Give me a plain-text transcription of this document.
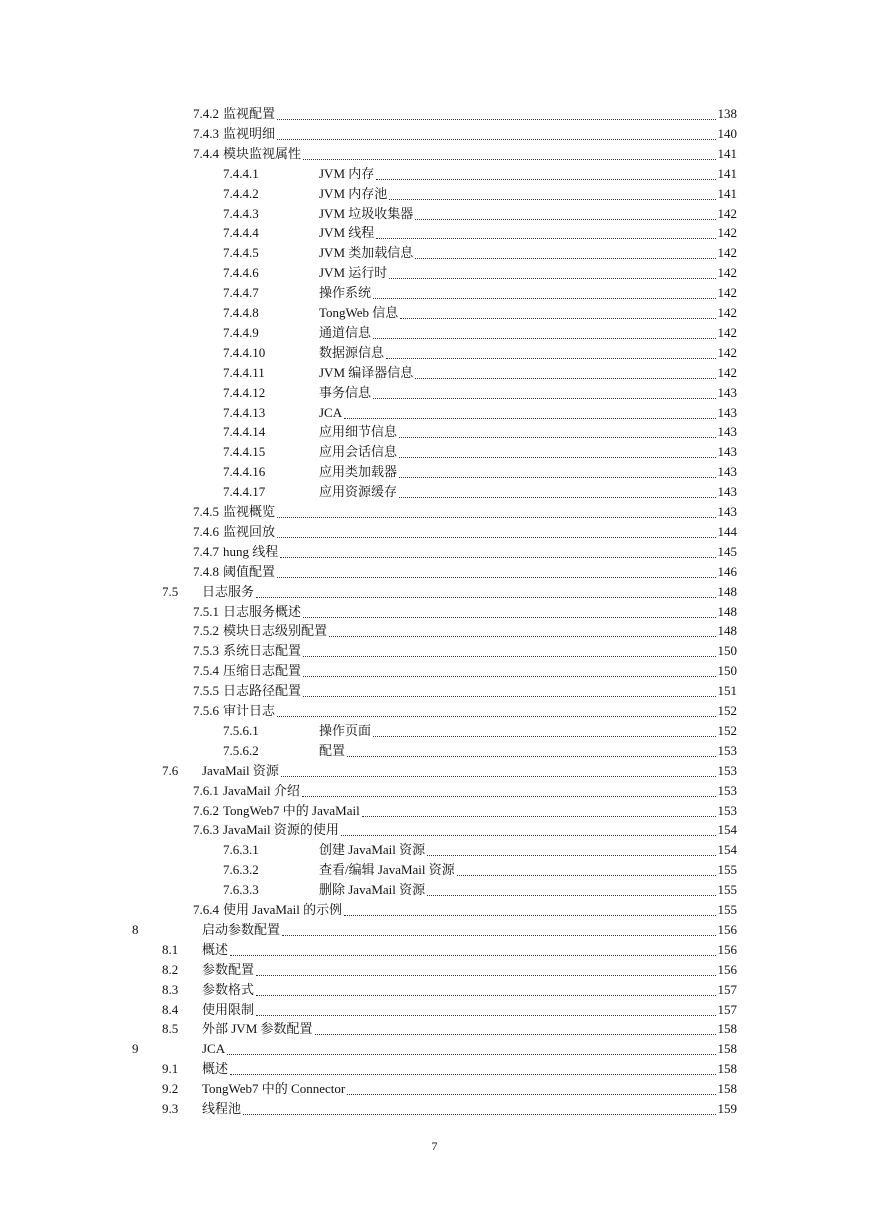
7.4.2 监视配置	138
7.4.3 监视明细	140
7.4.4 模块监视属性	141
7.4.4.1	JVM 内存	141
7.4.4.2	JVM 内存池	141
7.4.4.3	JVM 垃圾收集器	142
7.4.4.4	JVM 线程	142
7.4.4.5	JVM 类加载信息	142
7.4.4.6	JVM 运行时	142
7.4.4.7	操作系统	142
7.4.4.8	TongWeb 信息	142
7.4.4.9	通道信息	142
7.4.4.10	数据源信息	142
7.4.4.11	JVM 编译器信息	142
7.4.4.12	事务信息	143
7.4.4.13	JCA	143
7.4.4.14	应用细节信息	143
7.4.4.15	应用会话信息	143
7.4.4.16	应用类加载器	143
7.4.4.17	应用资源缓存	143
7.4.5 监视概览	143
7.4.6 监视回放	144
7.4.7 hung 线程	145
7.4.8 阈值配置	146
7.5	日志服务	148
7.5.1 日志服务概述	148
7.5.2 模块日志级别配置	148
7.5.3 系统日志配置	150
7.5.4 压缩日志配置	150
7.5.5 日志路径配置	151
7.5.6 审计日志	152
7.5.6.1	操作页面	152
7.5.6.2	配置	153
7.6	JavaMail 资源	153
7.6.1 JavaMail 介绍	153
7.6.2 TongWeb7 中的 JavaMail	153
7.6.3 JavaMail 资源的使用	154
7.6.3.1	创建 JavaMail 资源	154
7.6.3.2	查看/编辑 JavaMail 资源	155
7.6.3.3	删除 JavaMail 资源	155
7.6.4 使用 JavaMail 的示例	155
8	启动参数配置	156
8.1	概述	156
8.2	参数配置	156
8.3	参数格式	157
8.4	使用限制	157
8.5	外部 JVM 参数配置	158
9	JCA	158
9.1	概述	158
9.2	TongWeb7 中的 Connector	158
9.3	线程池	159
7
